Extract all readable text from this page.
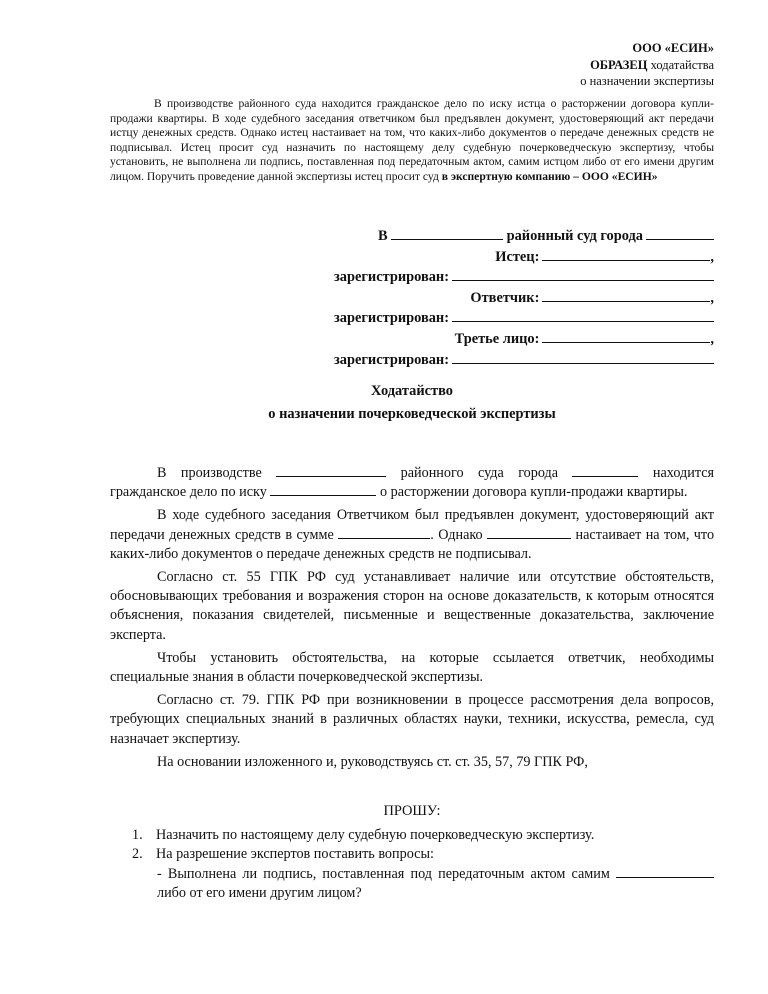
ООО «ЕСИН»
ОБРАЗЕЦ ходатайства
о назначении экспертизы

В производстве районного суда находится гражданское дело по иску истца о расторжении договора купли-продажи квартиры. В ходе судебного заседания ответчиком был предъявлен документ, удостоверяющий акт передачи истцу денежных средств. Однако истец настаивает на том, что каких-либо документов о передаче денежных средств не подписывал. Истец просит суд назначить по настоящему делу судебную почерковедческую экспертизу, чтобы установить, не выполнена ли подпись, поставленная под передаточным актом, самим истцом либо от его имени другим лицом. Поручить проведение данной экспертизы истец просит суд в экспертную компанию – ООО «ЕСИН»

В	районный суд города
Истец:	,
зарегистрирован:
Ответчик:	,
зарегистрирован:
Третье лицо:	,
зарегистрирован:
Ходатайство
о назначении почерковедческой экспертизы

В производстве	районного суда города	находится гражданское дело по иску	о расторжении договора купли-продажи квартиры.

В ходе судебного заседания Ответчиком был предъявлен документ, удостоверяющий акт передачи денежных средств в сумме	. Однако	настаивает на том, что каких-либо документов о передаче денежных средств не подписывал.

Согласно ст. 55 ГПК РФ суд устанавливает наличие или отсутствие обстоятельств, обосновывающих требования и возражения сторон на основе доказательств, к которым относятся объяснения, показания свидетелей, письменные и вещественные доказательства, заключение эксперта.

Чтобы установить обстоятельства, на которые ссылается ответчик, необходимы специальные знания в области почерковедческой экспертизы.

Согласно ст. 79. ГПК РФ при возникновении в процессе рассмотрения дела вопросов, требующих специальных знаний в различных областях науки, техники, искусства, ремесла, суд назначает экспертизу.

На основании изложенного и, руководствуясь ст. ст. 35, 57, 79 ГПК РФ,

ПРОШУ:
1. Назначить по настоящему делу судебную почерковедческую экспертизу.
2. На разрешение экспертов поставить вопросы:
- Выполнена ли подпись, поставленная под передаточным актом самим  либо от его имени другим лицом?
